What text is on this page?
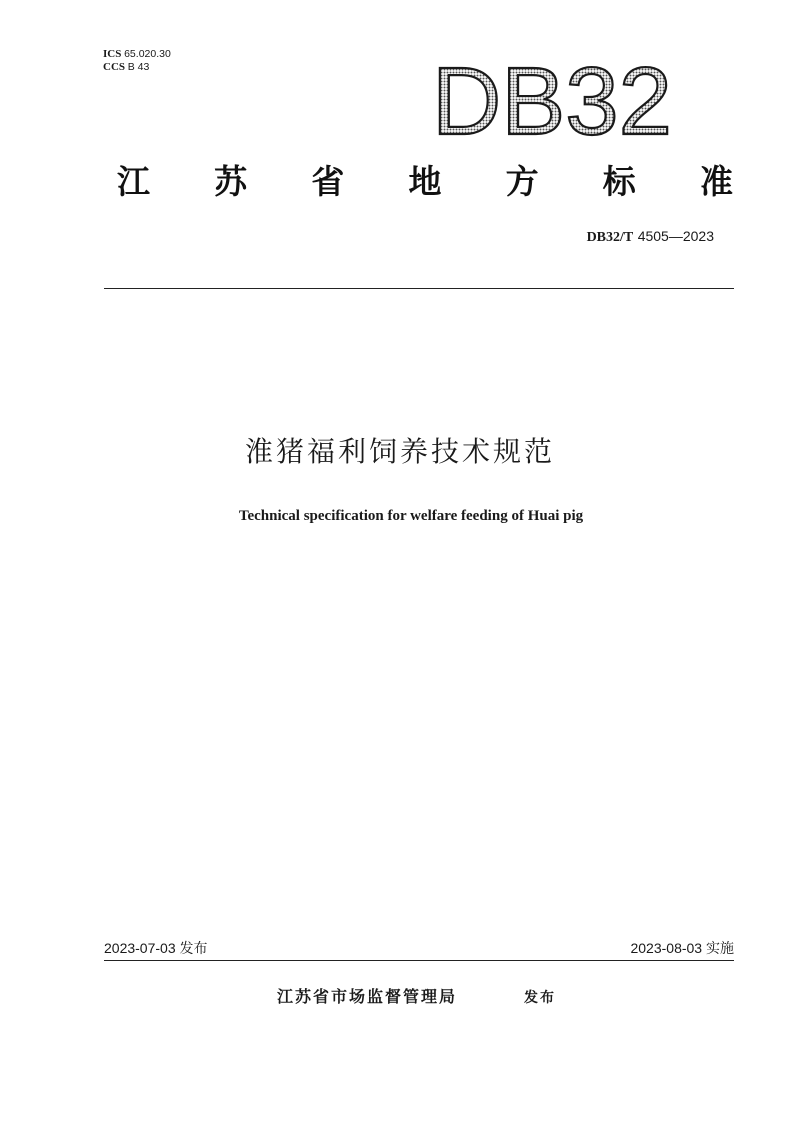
ICS 65.020.30
CCS B 43	DB32
江 苏 省 地 方 标 准
DB32/T 4505—2023
淮猪福利饲养技术规范
Technical specification for welfare feeding of Huai pig
2023-07-03 发布	2023-08-03 实施
江苏省市场监督管理局	发布
